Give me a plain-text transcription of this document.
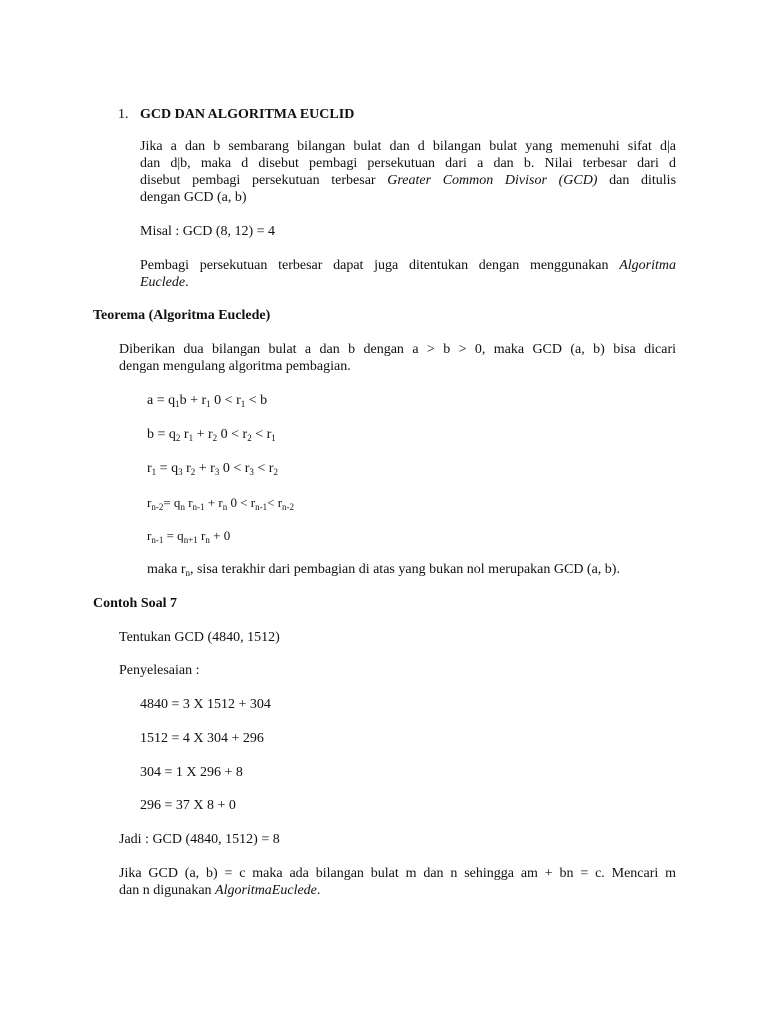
1. GCD DAN ALGORITMA EUCLID
Jika a dan b sembarang bilangan bulat dan d bilangan bulat yang memenuhi sifat d|a
dan d|b, maka d disebut pembagi persekutuan dari a dan b. Nilai terbesar dari d
disebut pembagi persekutuan terbesar Greater Common Divisor (GCD) dan ditulis
dengan GCD (a, b)
Misal : GCD (8, 12) = 4
Pembagi persekutuan terbesar dapat juga ditentukan dengan menggunakan Algoritma
Euclede.
Teorema (Algoritma Euclede)
Diberikan dua bilangan bulat a dan b dengan a > b > 0, maka GCD (a, b) bisa dicari
dengan mengulang algoritma pembagian.
$a = q_1b + r_1$ $0 < r_1 < b$
$b = q_2$ $r_1 + r_2$ $0 < r_2 < r_1$
$r_1 = q_3$ $r_2 + r_3$ $0 < r_3 < r_2$
$r_{n-2}= q_n$ $r_{n-1} + r_n$ $0 < r_{n-1}< r_{n-2}$
$r_{n-1} = q_{n+1}$ $r_n + 0$
maka $r_n$, sisa terakhir dari pembagian di atas yang bukan nol merupakan GCD (a, b).
Contoh Soal 7
Tentukan GCD (4840, 1512)
Penyelesaian :
4840 = 3 X 1512 + 304
1512 = 4 X 304 + 296
304 = 1 X 296 + 8
296 = 37 X 8 + 0
Jadi : GCD (4840, 1512) = 8
Jika GCD (a, b) = c maka ada bilangan bulat m dan n sehingga am + bn = c. Mencari m
dan n digunakan AlgoritmaEuclede.
